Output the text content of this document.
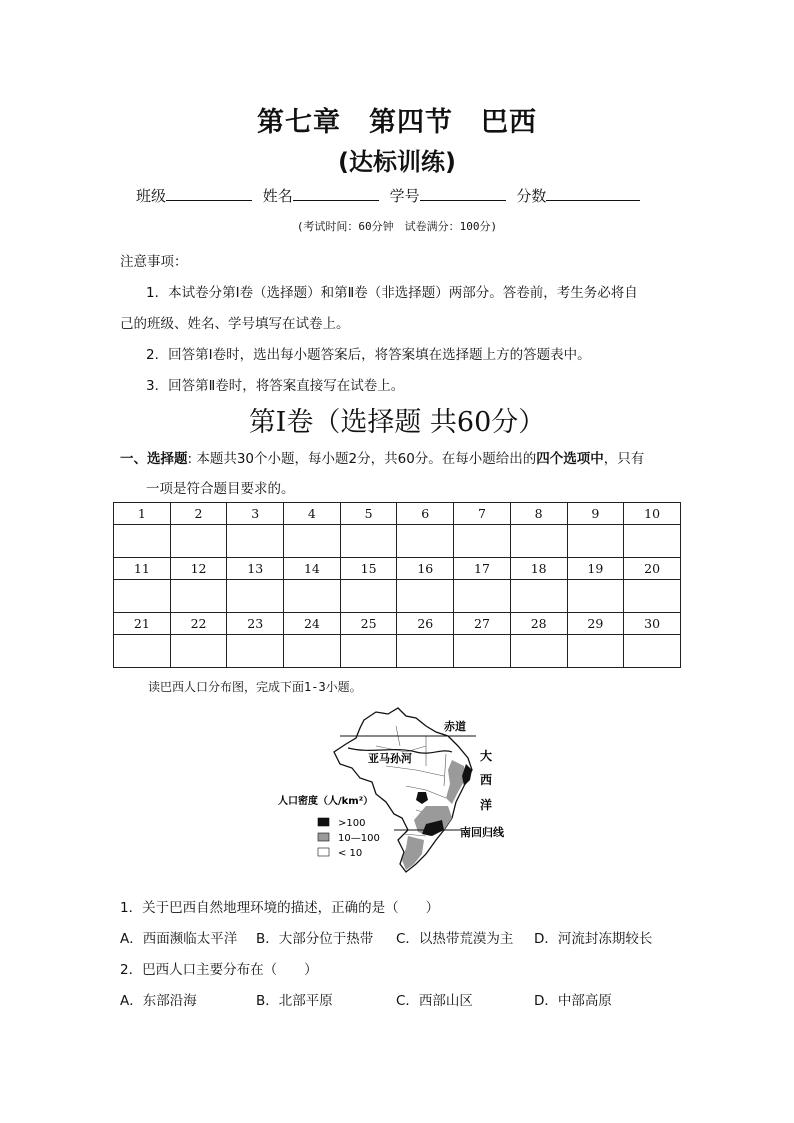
第七章　第四节　巴西
(达标训练)
班级	姓名	学号	分数
(考试时间：60分钟　试卷满分：100分)
注意事项：
1．本试卷分第Ⅰ卷（选择题）和第Ⅱ卷（非选择题）两部分。答卷前，考生务必将自
己的班级、姓名、学号填写在试卷上。
2．回答第Ⅰ卷时，选出每小题答案后，将答案填在选择题上方的答题表中。
3．回答第Ⅱ卷时，将答案直接写在试卷上。
第Ⅰ卷（选择题 共60分）
一、选择题: 本题共30个小题，每小题2分，共60分。在每小题给出的四个选项中，只有
一项是符合题目要求的。
1	2	3	4	5	6	7	8	9	10

11	12	13	14	15	16	17	18	19	20

21	22	23	24	25	26	27	28	29	30

读巴西人口分布图，完成下面1-3小题。
赤道
亚马孙河	大
西
洋
南回归线
人口密度（人/km²）
>100
10—100
< 10
1．关于巴西自然地理环境的描述，正确的是（　　）
A．西面濒临太平洋 B．大部分位于热带 C．以热带荒漠为主 D．河流封冻期较长
2．巴西人口主要分布在（　　）
A．东部沿海	B．北部平原	C．西部山区	D．中部高原
